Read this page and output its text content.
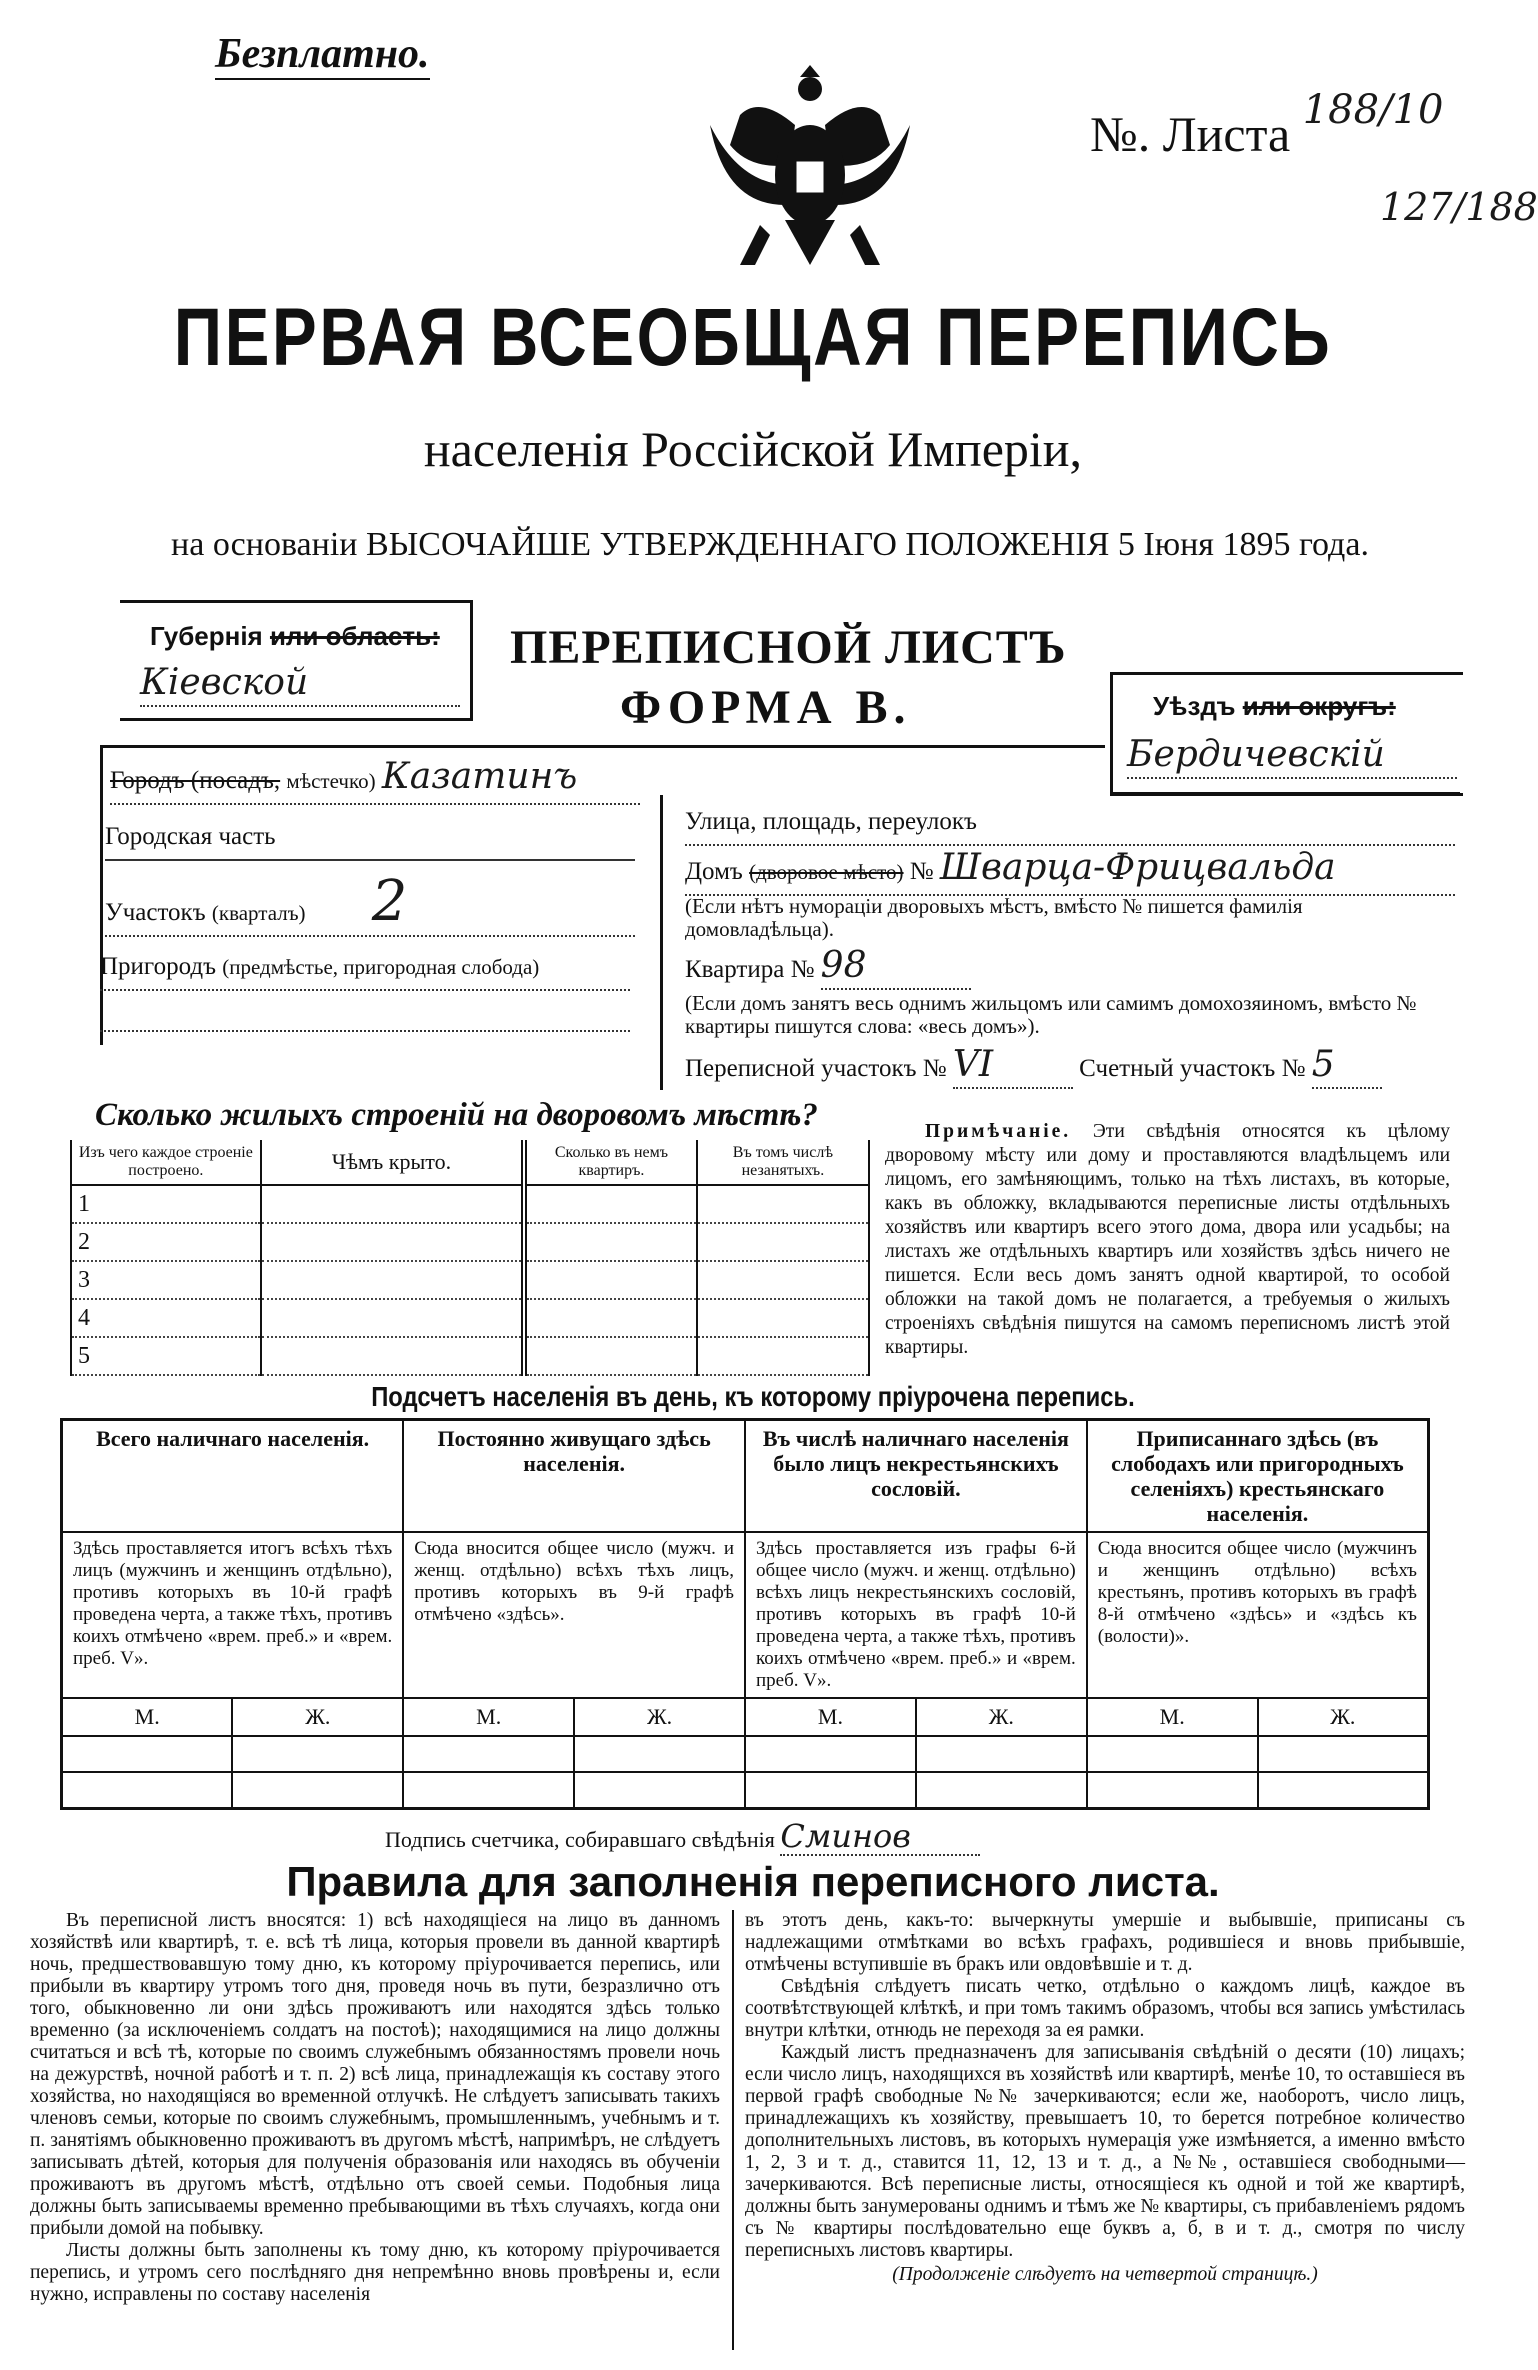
Безплатно.
№. Листа $^{188/10}$
127/188
ПЕРВАЯ ВСЕОБЩАЯ ПЕРЕПИСЬ
населенія Россійской Имперіи,
на основаніи ВЫСОЧАЙШЕ УТВЕРЖДЕННАГО ПОЛОЖЕНІЯ 5 Іюня 1895 года.
Губернія или область:
Кіевской
ПЕРЕПИСНОЙ ЛИСТЪ
ФОРМА В.	Уѣздъ или округъ:
Бердичевскій
Городъ (посадъ, мѣстечко) Казатинъ
Городская часть
Участокъ (кварталъ) 2
Пригородъ (предмѣстье, пригородная слобода)
Улица, площадь, переулокъ
Домъ (дворовое мѣсто) № Шварца-Фрицвальда
(Если нѣтъ нумораціи дворовыхъ мѣстъ, вмѣсто № пишется фамилія домовладѣльца).
Квартира № 98
(Если домъ занятъ весь однимъ жильцомъ или самимъ домохозяиномъ, вмѣсто № квартиры пишутся слова: «весь домъ»).
Переписной участокъ № VI	Счетный участокъ № 5
Сколько жилыхъ строеній на дворовомъ мѣстѣ?
Изъ чего каждое строеніе построено.	Чѣмъ крыто.	Сколько въ немъ квартиръ.	Въ томъ числѣ незанятыхъ.
1			
2			
3			
4			
5			
Примѣчаніе. Эти свѣдѣнія относятся къ цѣлому дворовому мѣсту или дому и проставляются владѣльцемъ или лицомъ, его замѣняющимъ, только на тѣхъ листахъ, въ которые, какъ въ обложку, вкладываются переписные листы отдѣльныхъ хозяйствъ или квартиръ всего этого дома, двора или усадьбы; на листахъ же отдѣльныхъ квартиръ или хозяйствъ здѣсь ничего не пишется. Если весь домъ занятъ одной квартирой, то особой обложки на такой домъ не полагается, а требуемыя о жилыхъ строеніяхъ свѣдѣнія пишутся на самомъ переписномъ листѣ этой квартиры.
Подсчетъ населенія въ день, къ которому пріурочена перепись.
Всего наличнаго населенія.		Постоянно живущаго здѣсь населенія.		Въ числѣ наличнаго населенія было лицъ некрестьянскихъ сословій.		Приписаннаго здѣсь (въ слободахъ или пригородныхъ селеніяхъ) крестьянскаго населенія.	
Здѣсь проставляется итогъ всѣхъ тѣхъ лицъ (мужчинъ и женщинъ отдѣльно), противъ которыхъ въ 10-й графѣ проведена черта, а также тѣхъ, противъ коихъ отмѣчено «врем. преб.» и «врем. преб. V».		Сюда вносится общее число (мужч. и женщ. отдѣльно) всѣхъ тѣхъ лицъ, противъ которыхъ въ 9-й графѣ отмѣчено «здѣсь».		Здѣсь проставляется изъ графы 6-й общее число (мужч. и женщ. отдѣльно) всѣхъ лицъ некрестьянскихъ сословій, противъ которыхъ въ графѣ 10-й проведена черта, а также тѣхъ, противъ коихъ отмѣчено «врем. преб.» и «врем. преб. V».		Сюда вносится общее число (мужчинъ и женщинъ отдѣльно) всѣхъ крестьянъ, противъ которыхъ въ графѣ 8-й отмѣчено «здѣсь» и «здѣсь къ (волости)».	
М.	Ж.	М.	Ж.	М.	Ж.	М.	Ж.

Подпись счетчика, собиравшаго свѣдѣнія Сминов
Правила для заполненія переписного листа.

Въ переписной листъ вносятся: 1) всѣ находящіеся на лицо въ данномъ хозяйствѣ или квартирѣ, т. е. всѣ тѣ лица, которыя провели въ данной квартирѣ ночь, предшествовавшую тому дню, къ которому пріурочивается перепись, или прибыли въ квартиру утромъ того дня, проведя ночь въ пути, безразлично отъ того, обыкновенно ли они здѣсь проживаютъ или находятся здѣсь только временно (за исключеніемъ солдатъ на постоѣ); находящимися на лицо должны считаться и всѣ тѣ, которые по своимъ служебнымъ обязанностямъ провели ночь на дежурствѣ, ночной работѣ и т. п. 2) всѣ лица, принадлежащія къ составу этого хозяйства, но находящіяся во временной отлучкѣ. Не слѣдуетъ записывать такихъ членовъ семьи, которые по своимъ служебнымъ, промышленнымъ, учебнымъ и т. п. занятіямъ обыкновенно проживаютъ въ другомъ мѣстѣ, напримѣръ, не слѣдуетъ записывать дѣтей, которыя для полученія образованія или находясь въ обученіи проживаютъ въ другомъ мѣстѣ, отдѣльно отъ своей семьи. Подобныя лица должны быть записываемы временно пребывающими въ тѣхъ случаяхъ, когда они прибыли домой на побывку.

Листы должны быть заполнены къ тому дню, къ которому пріурочивается перепись, и утромъ сего послѣдняго дня непремѣнно вновь провѣрены и, если нужно, исправлены по составу населенія

въ этотъ день, какъ-то: вычеркнуты умершіе и выбывшіе, приписаны съ надлежащими отмѣтками во всѣхъ графахъ, родившіеся и вновь прибывшіе, отмѣчены вступившіе въ бракъ или овдовѣвшіе и т. д.

Свѣдѣнія слѣдуетъ писать четко, отдѣльно о каждомъ лицѣ, каждое въ соотвѣтствующей клѣткѣ, и при томъ такимъ образомъ, чтобы вся запись умѣстилась внутри клѣтки, отнюдь не переходя за ея рамки.

Каждый листъ предназначенъ для записыванія свѣдѣній о десяти (10) лицахъ; если число лицъ, находящихся въ хозяйствѣ или квартирѣ, менѣе 10, то оставшіеся въ первой графѣ свободные №№ зачеркиваются; если же, наоборотъ, число лицъ, принадлежащихъ къ хозяйству, превышаетъ 10, то берется потребное количество дополнительныхъ листовъ, въ которыхъ нумерація уже измѣняется, а именно вмѣсто 1, 2, 3 и т. д., ставится 11, 12, 13 и т. д., а №№, оставшіеся свободными—зачеркиваются. Всѣ переписные листы, относящіеся къ одной и той же квартирѣ, должны быть занумерованы однимъ и тѣмъ же № квартиры, съ прибавленіемъ рядомъ съ № квартиры послѣдовательно еще буквъ а, б, в и т. д., смотря по числу переписныхъ листовъ квартиры.

(Продолженіе слѣдуетъ на четвертой страницѣ.)
